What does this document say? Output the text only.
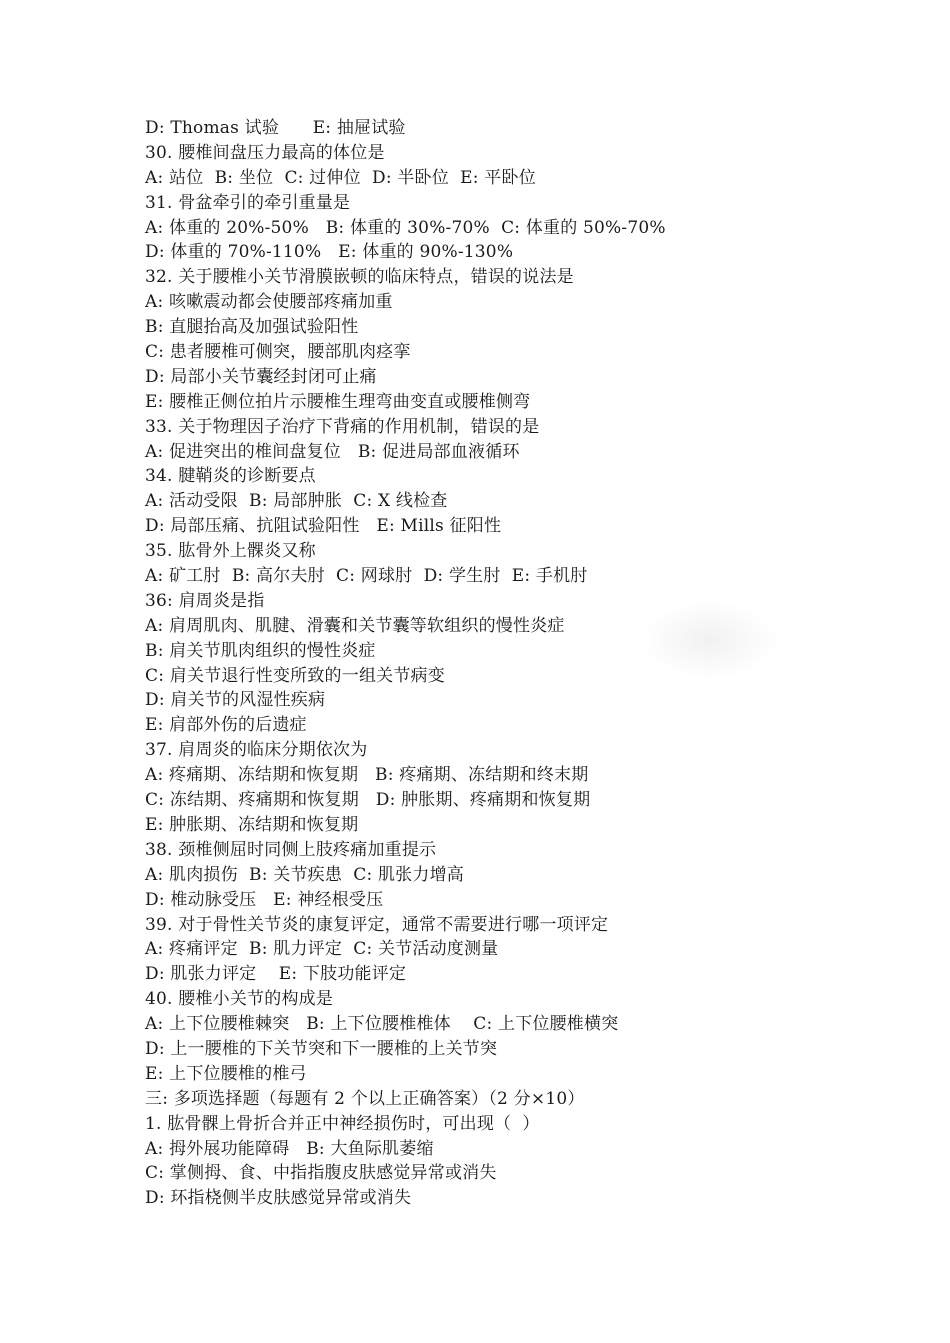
D: Thomas 试验      E: 抽屉试验
30. 腰椎间盘压力最高的体位是
A: 站位  B: 坐位  C: 过伸位  D: 半卧位  E: 平卧位
31. 骨盆牵引的牵引重量是
A: 体重的 20%-50%   B: 体重的 30%-70%  C: 体重的 50%-70%
D: 体重的 70%-110%   E: 体重的 90%-130%
32. 关于腰椎小关节滑膜嵌顿的临床特点，错误的说法是
A: 咳嗽震动都会使腰部疼痛加重
B: 直腿抬高及加强试验阳性
C: 患者腰椎可侧突，腰部肌肉痉挛
D: 局部小关节囊经封闭可止痛
E: 腰椎正侧位拍片示腰椎生理弯曲变直或腰椎侧弯
33. 关于物理因子治疗下背痛的作用机制，错误的是
A: 促进突出的椎间盘复位   B: 促进局部血液循环
34. 腱鞘炎的诊断要点
A: 活动受限  B: 局部肿胀  C: X 线检查
D: 局部压痛、抗阻试验阳性   E: Mills 征阳性
35. 肱骨外上髁炎又称
A: 矿工肘  B: 高尔夫肘  C: 网球肘  D: 学生肘  E: 手机肘
36: 肩周炎是指
A: 肩周肌肉、肌腱、滑囊和关节囊等软组织的慢性炎症
B: 肩关节肌肉组织的慢性炎症
C: 肩关节退行性变所致的一组关节病变
D: 肩关节的风湿性疾病
E: 肩部外伤的后遗症
37. 肩周炎的临床分期依次为
A: 疼痛期、冻结期和恢复期   B: 疼痛期、冻结期和终末期
C: 冻结期、疼痛期和恢复期   D: 肿胀期、疼痛期和恢复期
E: 肿胀期、冻结期和恢复期
38. 颈椎侧屈时同侧上肢疼痛加重提示
A: 肌肉损伤  B: 关节疾患  C: 肌张力增高
D: 椎动脉受压   E: 神经根受压
39. 对于骨性关节炎的康复评定，通常不需要进行哪一项评定
A: 疼痛评定  B: 肌力评定  C: 关节活动度测量
D: 肌张力评定    E: 下肢功能评定
40. 腰椎小关节的构成是
A: 上下位腰椎棘突   B: 上下位腰椎椎体    C: 上下位腰椎横突
D: 上一腰椎的下关节突和下一腰椎的上关节突
E: 上下位腰椎的椎弓
三: 多项选择题（每题有 2 个以上正确答案）（2 分×10）
1. 肱骨髁上骨折合并正中神经损伤时，可出现（  ）
A: 拇外展功能障碍   B: 大鱼际肌萎缩
C: 掌侧拇、食、中指指腹皮肤感觉异常或消失
D: 环指桡侧半皮肤感觉异常或消失
